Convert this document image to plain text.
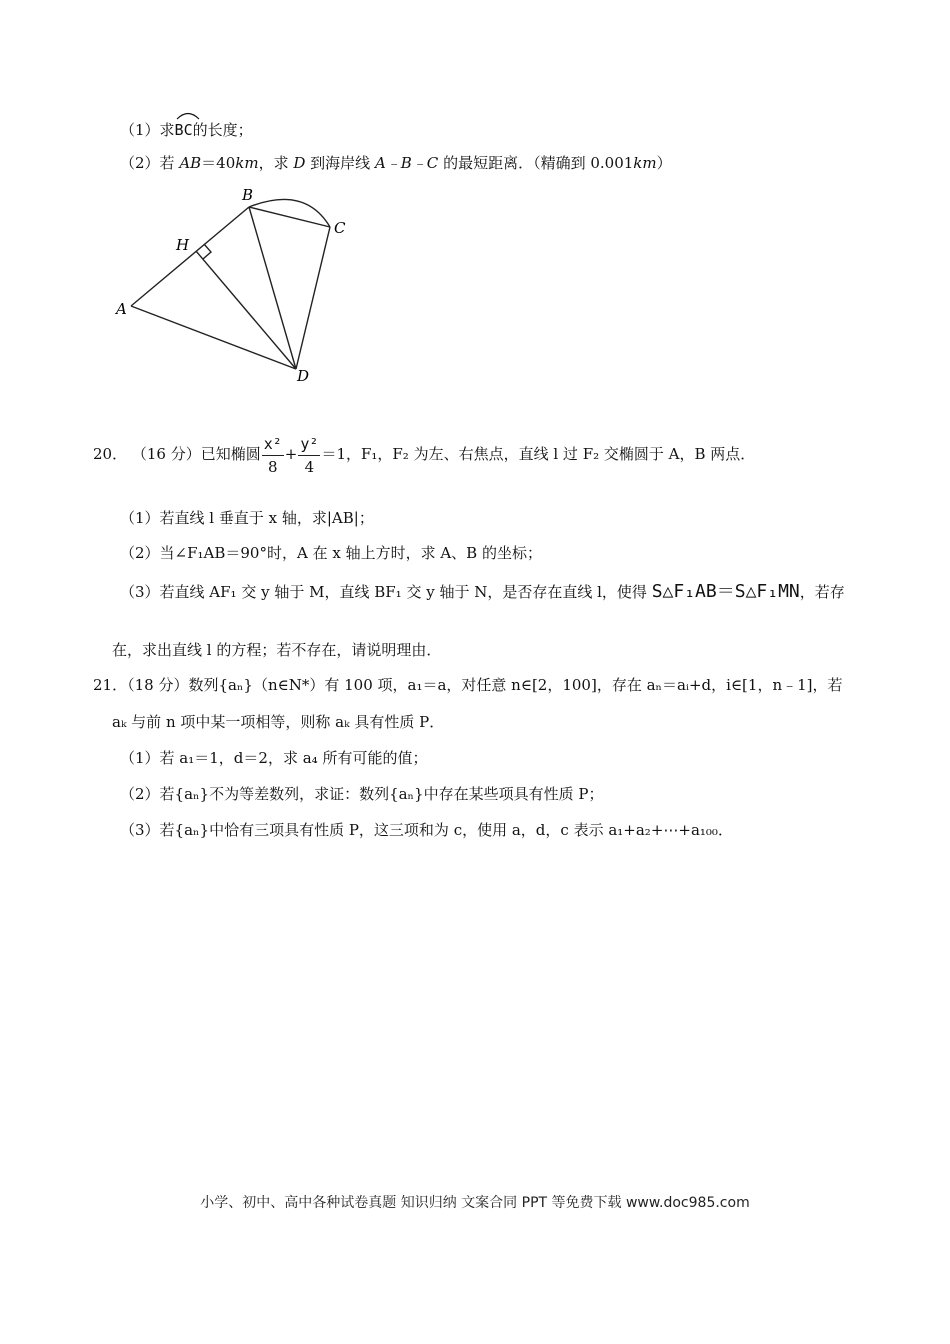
（1）求
BC的长度；
（2）若 AB＝40km，求 D 到海岸线 A﹣B﹣C 的最短距离．（精确到 0.001km）
B
C
H
A
D
20． （16 分）已知椭圆 $\frac{\text{x²}}{8} + \frac{\text{y²}}{4} =1$，F₁，F₂ 为左、右焦点，直线 l 过 F₂ 交椭圆于 A，B 两点．
（1）若直线 l 垂直于 x 轴，求|AB|；
（2）当∠F₁AB＝90°时，A 在 x 轴上方时，求 A、B 的坐标；
（3）若直线 AF₁ 交 y 轴于 M，直线 BF₁ 交 y 轴于 N，是否存在直线 l，使得 S△F₁AB＝S△F₁MN，若存
在，求出直线 l 的方程；若不存在，请说明理由．
21．（18 分）数列{aₙ}（n∈N*）有 100 项，a₁＝a，对任意 n∈[2，100]，存在 aₙ＝aᵢ+d，i∈[1，n﹣1]，若
aₖ 与前 n 项中某一项相等，则称 aₖ 具有性质 P．
（1）若 a₁＝1，d＝2，求 a₄ 所有可能的值；
（2）若{aₙ}不为等差数列，求证：数列{aₙ}中存在某些项具有性质 P；
（3）若{aₙ}中恰有三项具有性质 P，这三项和为 c，使用 a，d，c 表示 a₁+a₂+⋯+a₁₀₀．
小学、初中、高中各种试卷真题 知识归纳 文案合同 PPT 等免费下载 www.doc985.com
